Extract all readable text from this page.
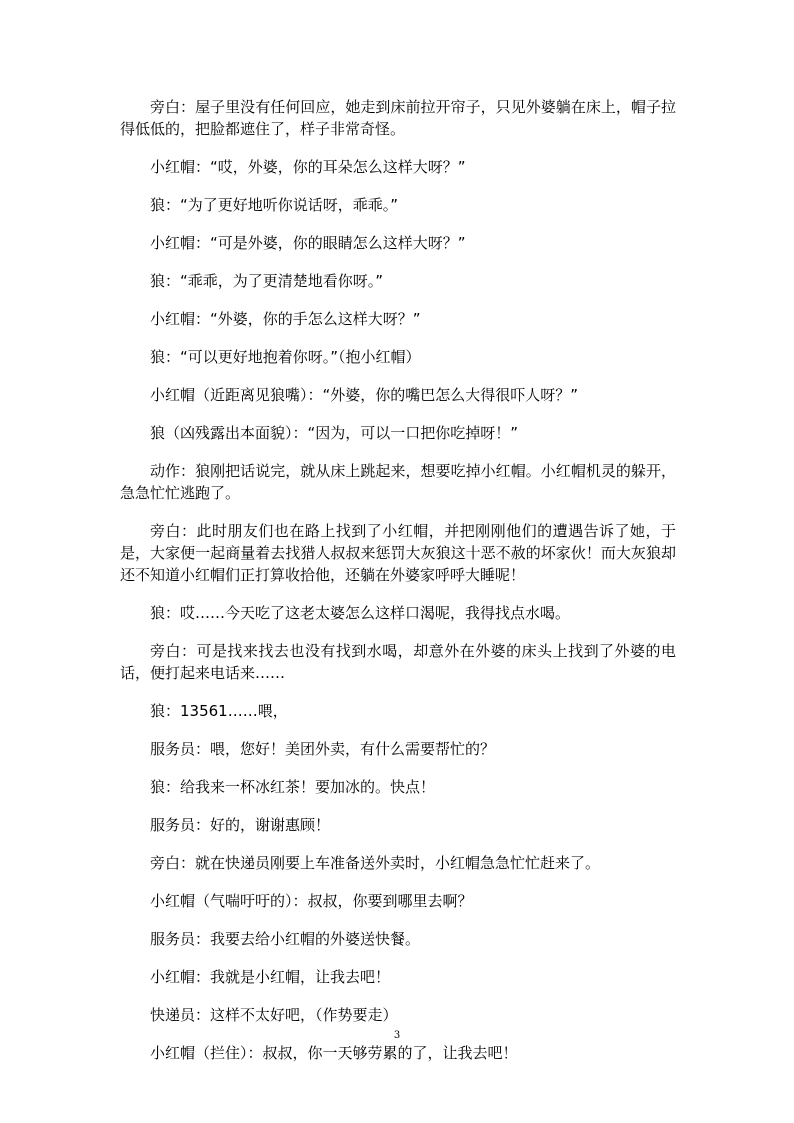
旁白：屋子里没有任何回应，她走到床前拉开帘子，只见外婆躺在床上，帽子拉得低低的，把脸都遮住了，样子非常奇怪。

小红帽：“哎，外婆，你的耳朵怎么这样大呀？”

狼：“为了更好地听你说话呀，乖乖。”

小红帽：“可是外婆，你的眼睛怎么这样大呀？”

狼：“乖乖，为了更清楚地看你呀。”

小红帽：“外婆，你的手怎么这样大呀？”

狼：“可以更好地抱着你呀。”（抱小红帽）

小红帽（近距离见狼嘴）：“外婆，你的嘴巴怎么大得很吓人呀？”

狼（凶残露出本面貌）：“因为，可以一口把你吃掉呀！”

动作：狼刚把话说完，就从床上跳起来，想要吃掉小红帽。小红帽机灵的躲开，急急忙忙逃跑了。

旁白：此时朋友们也在路上找到了小红帽，并把刚刚他们的遭遇告诉了她，于是，大家便一起商量着去找猎人叔叔来惩罚大灰狼这十恶不赦的坏家伙！而大灰狼却还不知道小红帽们正打算收拾他，还躺在外婆家呼呼大睡呢！

狼：哎……今天吃了这老太婆怎么这样口渴呢，我得找点水喝。

旁白：可是找来找去也没有找到水喝，却意外在外婆的床头上找到了外婆的电话，便打起来电话来……

狼：13561……喂，

服务员：喂，您好！美团外卖，有什么需要帮忙的？

狼：给我来一杯冰红茶！要加冰的。快点！

服务员：好的，谢谢惠顾！

旁白：就在快递员刚要上车准备送外卖时，小红帽急急忙忙赶来了。

小红帽（气喘吁吁的）：叔叔，你要到哪里去啊？

服务员：我要去给小红帽的外婆送快餐。

小红帽：我就是小红帽，让我去吧！

快递员：这样不太好吧，（作势要走）

小红帽（拦住）：叔叔，你一天够劳累的了，让我去吧！

3
